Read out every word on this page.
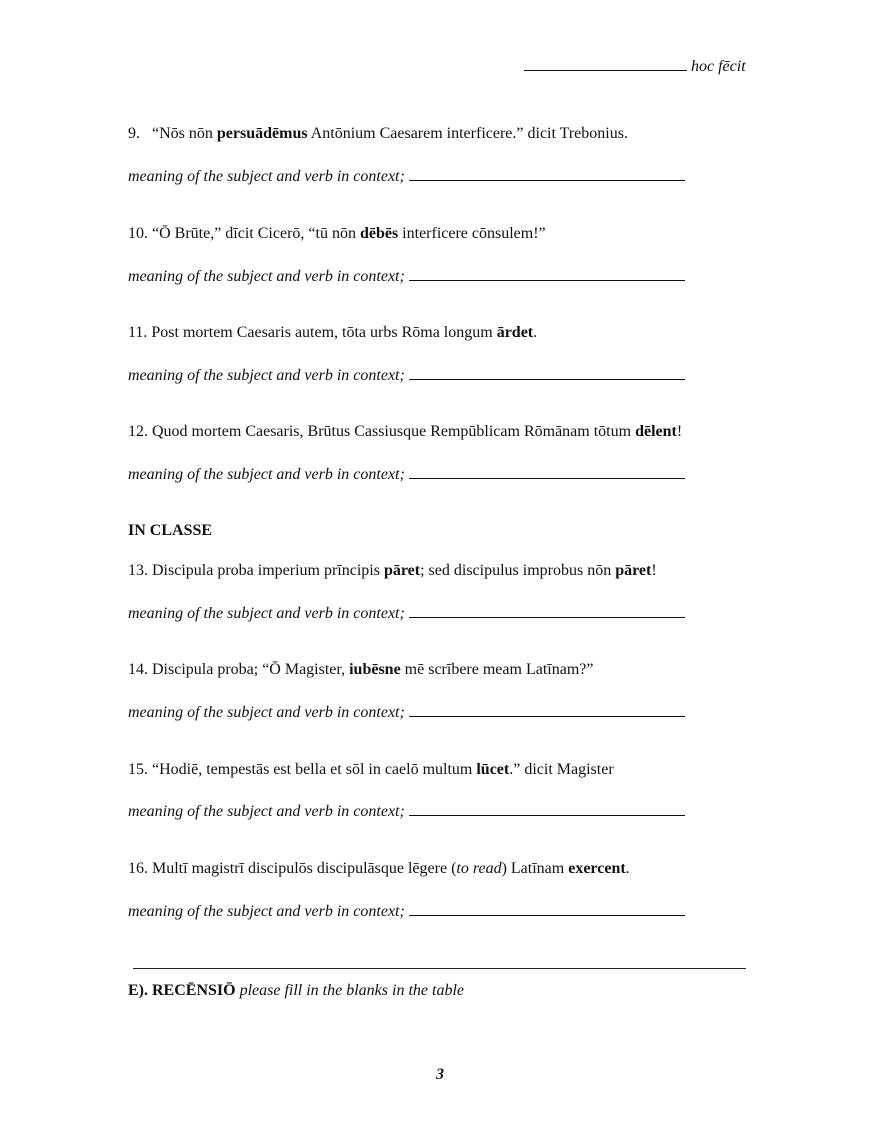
hoc fēcit
9. “Nōs nōn persuādēmus Antōnium Caesarem interficere.” dicit Trebonius.
meaning of the subject and verb in context;
10. “Ō Brūte,” dīcit Cicerō, “tū nōn dēbēs interficere cōnsulem!”
meaning of the subject and verb in context;
11. Post mortem Caesaris autem, tōta urbs Rōma longum ārdet.
meaning of the subject and verb in context;
12. Quod mortem Caesaris, Brūtus Cassiusque Rempūblicam Rōmānam tōtum dēlent!
meaning of the subject and verb in context;
IN CLASSE
13. Discipula proba imperium prīncipis pāret; sed discipulus improbus nōn pāret!
meaning of the subject and verb in context;
14. Discipula proba; “Ō Magister, iubēsne mē scrībere meam Latīnam?”
meaning of the subject and verb in context;
15. “Hodiē, tempestās est bella et sōl in caelō multum lūcet.” dicit Magister
meaning of the subject and verb in context;
16. Multī magistrī discipulōs discipulāsque lēgere (to read) Latīnam exercent.
meaning of the subject and verb in context;
E). RECĒNSIŌ please fill in the blanks in the table
3
